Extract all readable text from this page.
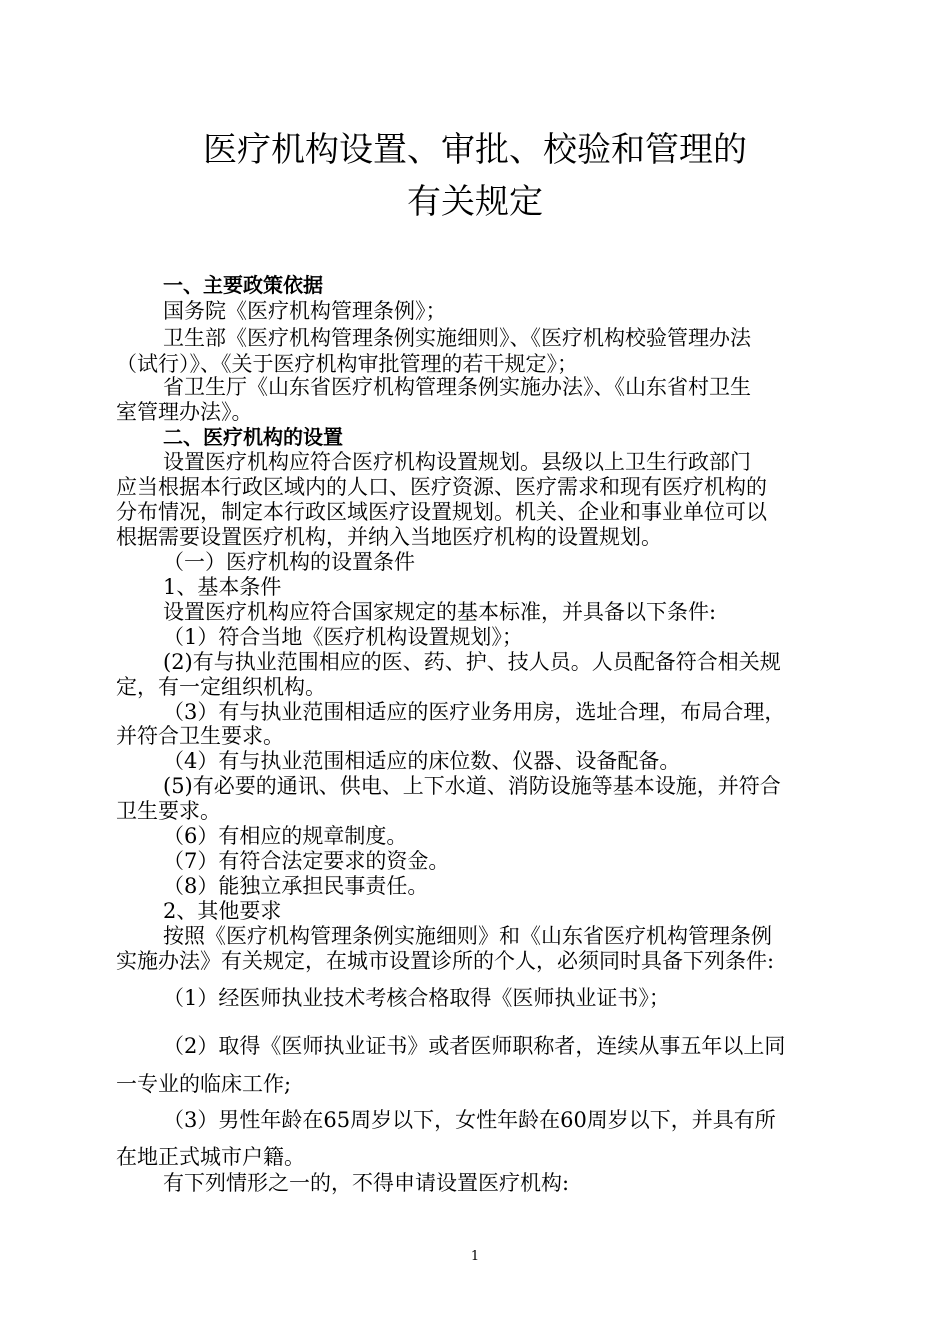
医疗机构设置、审批、校验和管理的
有关规定
一、主要政策依据
国务院《医疗机构管理条例》；
卫生部《医疗机构管理条例实施细则》、《医疗机构校验管理办法
（试行）》、《关于医疗机构审批管理的若干规定》；
省卫生厅《山东省医疗机构管理条例实施办法》、《山东省村卫生
室管理办法》。
二、医疗机构的设置
设置医疗机构应符合医疗机构设置规划。县级以上卫生行政部门
应当根据本行政区域内的人口、医疗资源、医疗需求和现有医疗机构的
分布情况，制定本行政区域医疗设置规划。机关、企业和事业单位可以
根据需要设置医疗机构，并纳入当地医疗机构的设置规划。
（一）医疗机构的设置条件
1、基本条件
设置医疗机构应符合国家规定的基本标准，并具备以下条件:
（1）符合当地《医疗机构设置规划》；
(2)有与执业范围相应的医、药、护、技人员。人员配备符合相关规
定，有一定组织机构。
（3）有与执业范围相适应的医疗业务用房，选址合理，布局合理，
并符合卫生要求。
（4）有与执业范围相适应的床位数、仪器、设备配备。
(5)有必要的通讯、供电、上下水道、消防设施等基本设施，并符合
卫生要求。
（6）有相应的规章制度。
（7）有符合法定要求的资金。
（8）能独立承担民事责任。
2、其他要求
按照《医疗机构管理条例实施细则》和《山东省医疗机构管理条例
实施办法》有关规定，在城市设置诊所的个人，必须同时具备下列条件:
（1）经医师执业技术考核合格取得《医师执业证书》；
（2）取得《医师执业证书》或者医师职称者，连续从事五年以上同
一专业的临床工作;
（3）男性年龄在65周岁以下，女性年龄在60周岁以下，并具有所
在地正式城市户籍。
有下列情形之一的，不得申请设置医疗机构:
1
